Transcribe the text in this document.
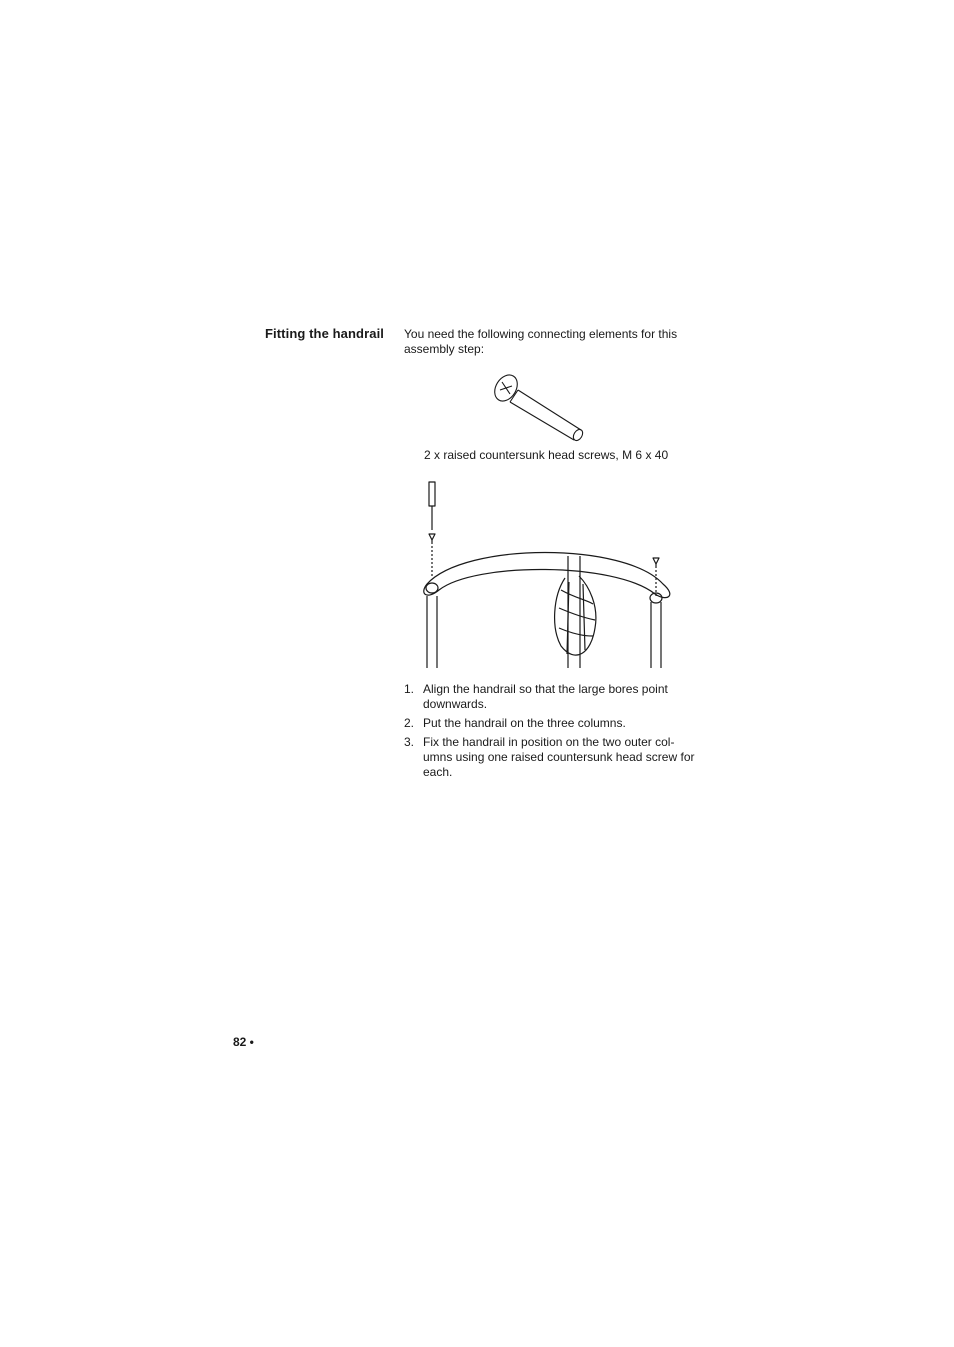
Fitting the handrail You need the following connecting elements for this assembly step:
2 x raised countersunk head screws, M 6 x 40
1. Align the handrail so that the large bores point downwards.
2. Put the handrail on the three columns.
3. Fix the handrail in position on the two outer col-umns using one raised countersunk head screw for each.
82 •
